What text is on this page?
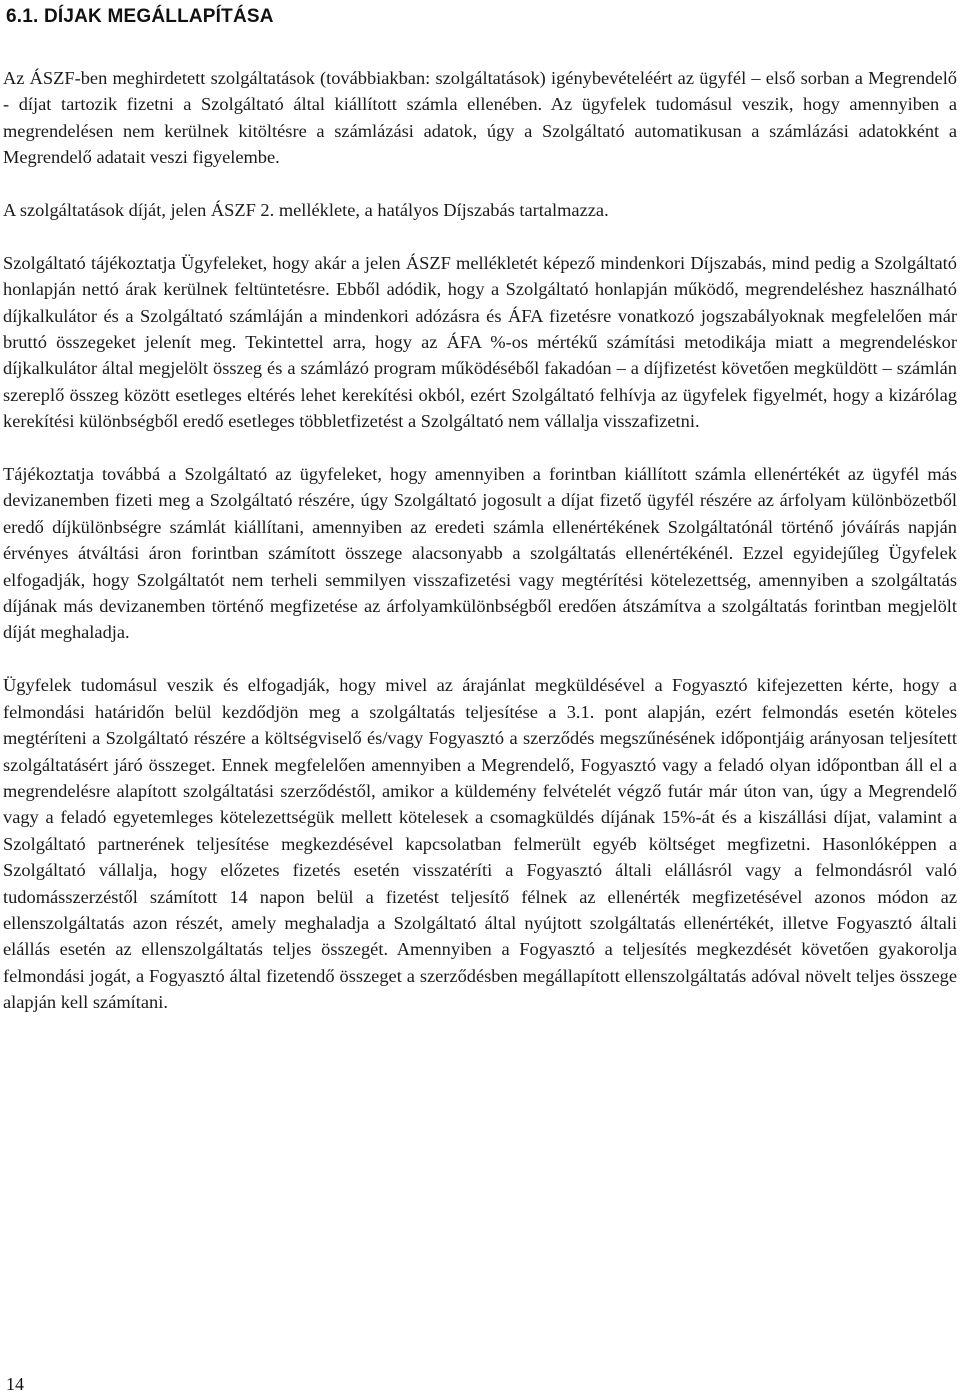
6.1. DÍJAK MEGÁLLAPÍTÁSA

Az ÁSZF-ben meghirdetett szolgáltatások (továbbiakban: szolgáltatások) igénybevételéért az ügyfél – első sorban a Megrendelő - díjat tartozik fizetni a Szolgáltató által kiállított számla ellenében. Az ügyfelek tudomásul veszik, hogy amennyiben a megrendelésen nem kerülnek kitöltésre a számlázási adatok, úgy a Szolgáltató automatikusan a számlázási adatokként a Megrendelő adatait veszi figyelembe.

A szolgáltatások díját, jelen ÁSZF 2. melléklete, a hatályos Díjszabás tartalmazza.

Szolgáltató tájékoztatja Ügyfeleket, hogy akár a jelen ÁSZF mellékletét képező mindenkori Díjszabás, mind pedig a Szolgáltató honlapján nettó árak kerülnek feltüntetésre. Ebből adódik, hogy a Szolgáltató honlapján működő, megrendeléshez használható díjkalkulátor és a Szolgáltató számláján a mindenkori adózásra és ÁFA fizetésre vonatkozó jogszabályoknak megfelelően már bruttó összegeket jelenít meg. Tekintettel arra, hogy az ÁFA %-os mértékű számítási metodikája miatt a megrendeléskor díjkalkulátor által megjelölt összeg és a számlázó program működéséből fakadóan – a díjfizetést követően megküldött – számlán szereplő összeg között esetleges eltérés lehet kerekítési okból, ezért Szolgáltató felhívja az ügyfelek figyelmét, hogy a kizárólag kerekítési különbségből eredő esetleges többletfizetést a Szolgáltató nem vállalja visszafizetni.

Tájékoztatja továbbá a Szolgáltató az ügyfeleket, hogy amennyiben a forintban kiállított számla ellenértékét az ügyfél más devizanemben fizeti meg a Szolgáltató részére, úgy Szolgáltató jogosult a díjat fizető ügyfél részére az árfolyam különbözetből eredő díjkülönbségre számlát kiállítani, amennyiben az eredeti számla ellenértékének Szolgáltatónál történő jóváírás napján érvényes átváltási áron forintban számított összege alacsonyabb a szolgáltatás ellenértékénél. Ezzel egyidejűleg Ügyfelek elfogadják, hogy Szolgáltatót nem terheli semmilyen visszafizetési vagy megtérítési kötelezettség, amennyiben a szolgáltatás díjának más devizanemben történő megfizetése az árfolyamkülönbségből eredően átszámítva a szolgáltatás forintban megjelölt díját meghaladja.

Ügyfelek tudomásul veszik és elfogadják, hogy mivel az árajánlat megküldésével a Fogyasztó kifejezetten kérte, hogy a felmondási határidőn belül kezdődjön meg a szolgáltatás teljesítése a 3.1. pont alapján, ezért felmondás esetén köteles megtéríteni a Szolgáltató részére a költségviselő és/vagy Fogyasztó a szerződés megszűnésének időpontjáig arányosan teljesített szolgáltatásért járó összeget. Ennek megfelelően amennyiben a Megrendelő, Fogyasztó vagy a feladó olyan időpontban áll el a megrendelésre alapított szolgáltatási szerződéstől, amikor a küldemény felvételét végző futár már úton van, úgy a Megrendelő vagy a feladó egyetemleges kötelezettségük mellett kötelesek a csomagküldés díjának 15%-át és a kiszállási díjat, valamint a Szolgáltató partnerének teljesítése megkezdésével kapcsolatban felmerült egyéb költséget megfizetni. Hasonlóképpen a Szolgáltató vállalja, hogy előzetes fizetés esetén visszatéríti a Fogyasztó általi elállásról vagy a felmondásról való tudomásszerzéstől számított 14 napon belül a fizetést teljesítő félnek az ellenérték megfizetésével azonos módon az ellenszolgáltatás azon részét, amely meghaladja a Szolgáltató által nyújtott szolgáltatás ellenértékét, illetve Fogyasztó általi elállás esetén az ellenszolgáltatás teljes összegét. Amennyiben a Fogyasztó a teljesítés megkezdését követően gyakorolja felmondási jogát, a Fogyasztó által fizetendő összeget a szerződésben megállapított ellenszolgáltatás adóval növelt teljes összege alapján kell számítani.

14
